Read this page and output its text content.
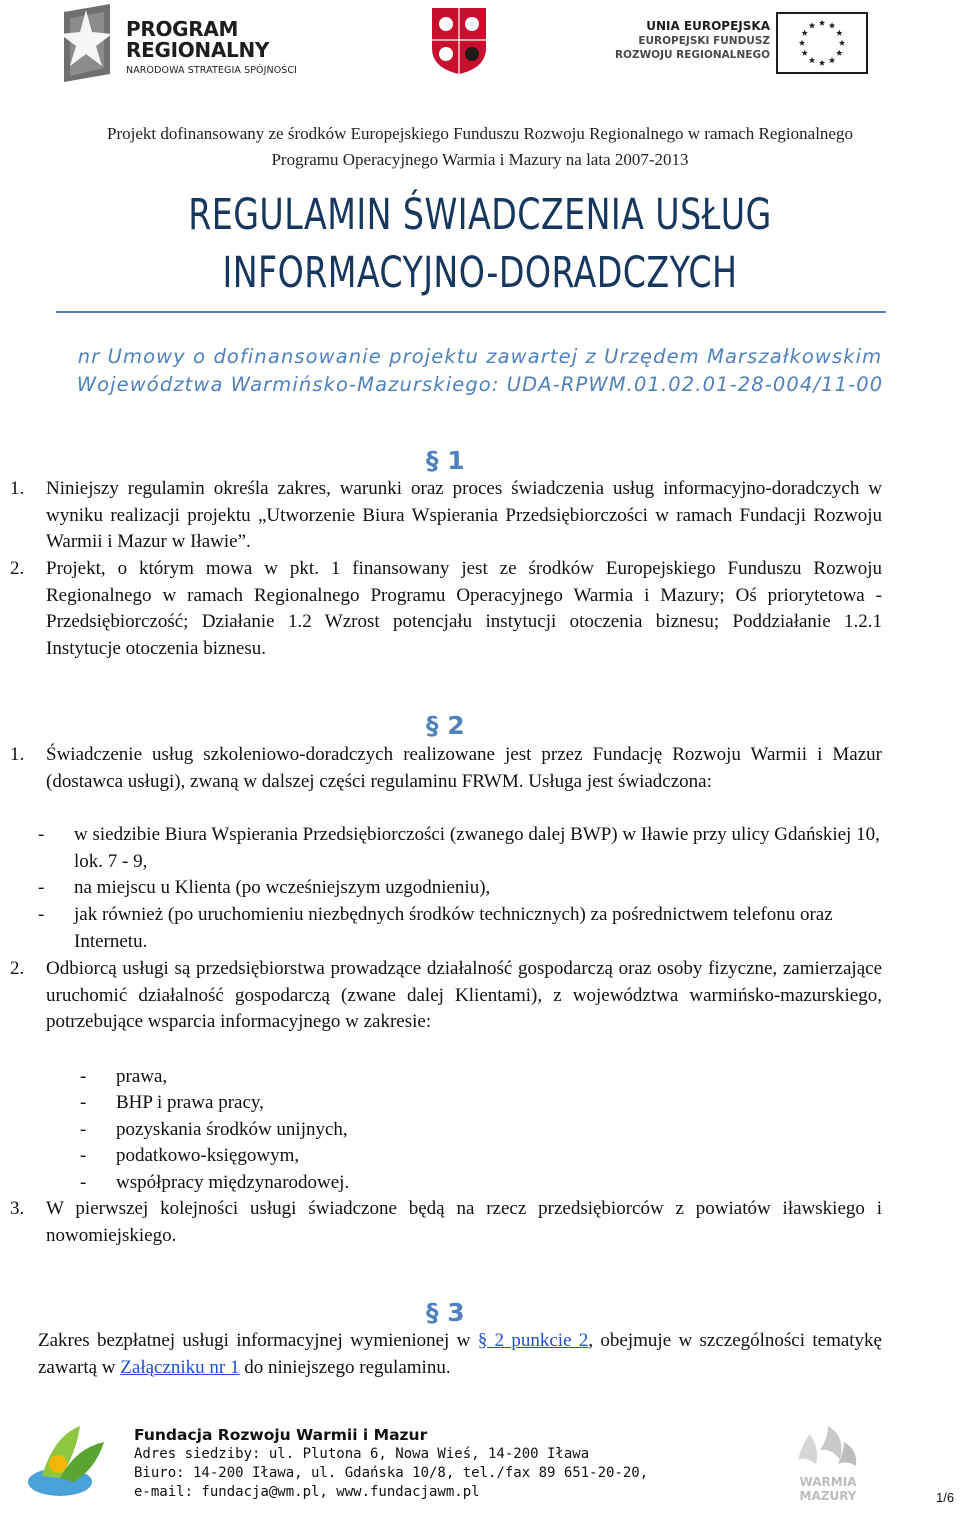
PROGRAM
REGIONALNY
NARODOWA STRATEGIA SPÓJNOŚCI
UNIA EUROPEJSKA
EUROPEJSKI FUNDUSZ
ROZWOJU REGIONALNEGO
Projekt dofinansowany ze środków Europejskiego Funduszu Rozwoju Regionalnego w ramach Regionalnego
Programu Operacyjnego Warmia i Mazury na lata 2007-2013
REGULAMIN ŚWIADCZENIA USŁUG
INFORMACYJNO-DORADCZYCH
nr Umowy o dofinansowanie projektu zawartej z Urzędem Marszałkowskim
Województwa Warmińsko-Mazurskiego: UDA-RPWM.01.02.01-28-004/11-00
§ 1
1. Niniejszy regulamin określa zakres, warunki oraz proces świadczenia usług informacyjno-doradczych w wyniku realizacji projektu „Utworzenie Biura Wspierania Przedsiębiorczości w ramach Fundacji Rozwoju Warmii i Mazur w Iławie”.
2. Projekt, o którym mowa w pkt. 1 finansowany jest ze środków Europejskiego Funduszu Rozwoju Regionalnego w ramach Regionalnego Programu Operacyjnego Warmia i Mazury; Oś priorytetowa - Przedsiębiorczość; Działanie 1.2 Wzrost potencjału instytucji otoczenia biznesu; Poddziałanie 1.2.1 Instytucje otoczenia biznesu.
§ 2
1. Świadczenie usług szkoleniowo-doradczych realizowane jest przez Fundację Rozwoju Warmii i Mazur (dostawca usługi), zwaną w dalszej części regulaminu FRWM. Usługa jest świadczona:
- w siedzibie Biura Wspierania Przedsiębiorczości (zwanego dalej BWP) w Iławie przy ulicy Gdańskiej 10, lok. 7 - 9,
- na miejscu u Klienta (po wcześniejszym uzgodnieniu),
- jak również (po uruchomieniu niezbędnych środków technicznych) za pośrednictwem telefonu oraz Internetu.
2. Odbiorcą usługi są przedsiębiorstwa prowadzące działalność gospodarczą oraz osoby fizyczne, zamierzające uruchomić działalność gospodarczą (zwane dalej Klientami), z województwa warmińsko-mazurskiego, potrzebujące wsparcia informacyjnego w zakresie:
- prawa,
- BHP i prawa pracy,
- pozyskania środków unijnych,
- podatkowo-księgowym,
- współpracy międzynarodowej.
3. W pierwszej kolejności usługi świadczone będą na rzecz przedsiębiorców z powiatów iławskiego i nowomiejskiego.
§ 3
Zakres bezpłatnej usługi informacyjnej wymienionej w § 2 punkcie 2, obejmuje w szczególności tematykę zawartą w Załączniku nr 1 do niniejszego regulaminu.
Fundacja Rozwoju Warmii i Mazur
Adres siedziby: ul. Plutona 6, Nowa Wieś, 14-200 Iława
Biuro: 14-200 Iława, ul. Gdańska 10/8, tel./fax 89 651-20-20,
e-mail: fundacja@wm.pl, www.fundacjawm.pl
WARMIA
MAZURY	1/6
